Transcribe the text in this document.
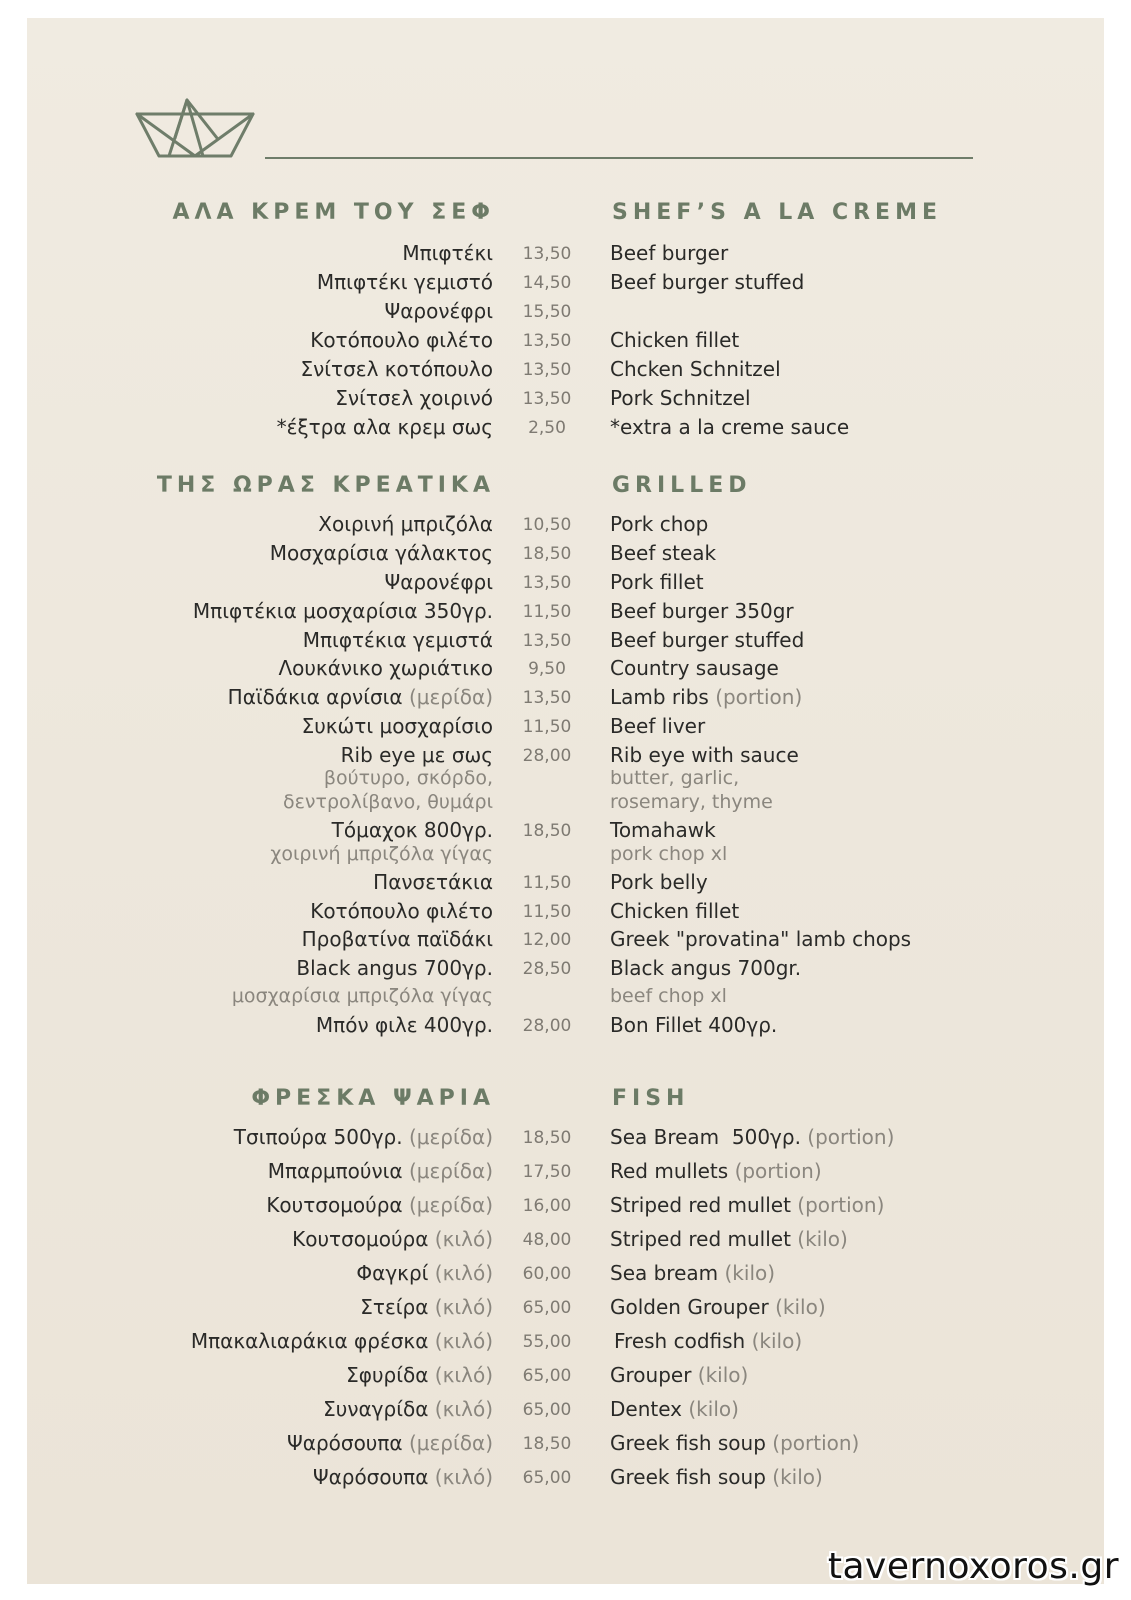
ΑΛΑ ΚΡΕΜ ΤΟΥ ΣΕΦ	SHEF’S A LA CREME
Μπιφτέκι	13,50	Beef burger
Μπιφτέκι γεμιστό	14,50	Beef burger stuffed
Ψαρονέφρι	15,50
Κοτόπουλο φιλέτο	13,50	Chicken fillet
Σνίτσελ κοτόπουλο	13,50	Chcken Schnitzel
Σνίτσελ χοιρινό	13,50	Pork Schnitzel
*έξτρα αλα κρεμ σως	2,50	*extra a la creme sauce
ΤΗΣ ΩΡΑΣ ΚΡΕΑΤΙΚΑ	GRILLED
Χοιρινή μπριζόλα	10,50	Pork chop
Μοσχαρίσια γάλακτος	18,50	Beef steak
Ψαρονέφρι	13,50	Pork fillet
Μπιφτέκια μοσχαρίσια 350γρ.	11,50	Beef burger 350gr
Μπιφτέκια γεμιστά	13,50	Beef burger stuffed
Λουκάνικο χωριάτικο	9,50	Country sausage
Παϊδάκια αρνίσια (μερίδα)	13,50	Lamb ribs (portion)
Συκώτι μοσχαρίσιο	11,50	Beef liver
Rib eye με σως	28,00	Rib eye with sauce
βούτυρο, σκόρδο,	butter, garlic,
δεντρολίβανο, θυμάρι	rosemary, thyme
Τόμαχοκ 800γρ.	18,50	Tomahawk
χοιρινή μπριζόλα γίγας	pork chop xl
Πανσετάκια	11,50	Pork belly
Κοτόπουλο φιλέτο	11,50	Chicken fillet
Προβατίνα παϊδάκι	12,00	Greek "provatina" lamb chops
Black angus 700γρ.	28,50	Black angus 700gr.
μοσχαρίσια μπριζόλα γίγας	beef chop xl
Μπόν φιλε 400γρ.	28,00	Bon Fillet 400γρ.
ΦΡΕΣΚΑ ΨΑΡΙΑ	FISH
Τσιπούρα 500γρ. (μερίδα)	18,50	Sea Bream  500γρ. (portion)
Μπαρμπούνια (μερίδα)	17,50	Red mullets (portion)
Κουτσομούρα (μερίδα)	16,00	Striped red mullet (portion)
Κουτσομούρα (κιλό)	48,00	Striped red mullet (kilo)
Φαγκρί (κιλό)	60,00	Sea bream (kilo)
Στείρα (κιλό)	65,00	Golden Grouper (kilo)
Μπακαλιαράκια φρέσκα (κιλό)	55,00	Fresh codfish (kilo)
Σφυρίδα (κιλό)	65,00	Grouper (kilo)
Συναγρίδα (κιλό)	65,00	Dentex (kilo)
Ψαρόσουπα (μερίδα)	18,50	Greek fish soup (portion)
Ψαρόσουπα (κιλό)	65,00	Greek fish soup (kilo)
tavernoxoros.gr
